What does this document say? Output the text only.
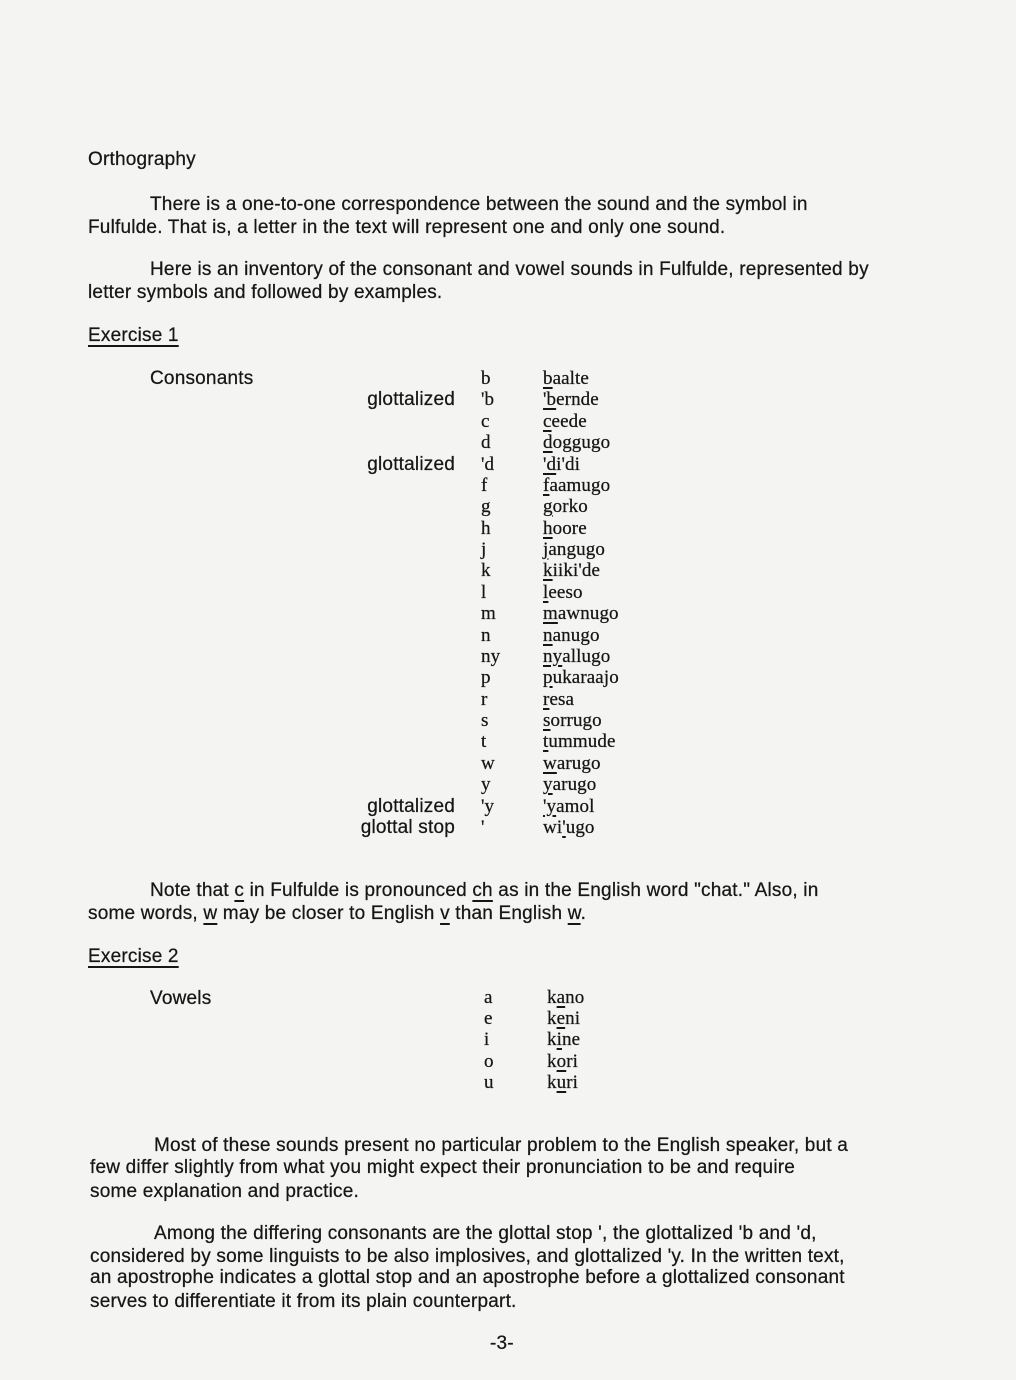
Orthography
There is a one-to-one correspondence between the sound and the symbol in
Fulfulde. That is, a letter in the text will represent one and only one sound.
Here is an inventory of the consonant and vowel sounds in Fulfulde, represented by
letter symbols and followed by examples.
Exercise 1
Consonants	b	baalte
glottalized 'b	'bernde
c	ceede
d	doggugo
glottalized 'd	'di'di
f	faamugo
g	gorko
h	hoore
j	jangugo
k	kiiki'de
l	leeso
m mawnugo
n	nanugo
ny nyallugo
p	pukaraajo
r	resa
s	sorrugo
t	tummude
w	warugo
y	yarugo
glottalized 'y	'yamol
glottal stop '	wi'ugo
Note that c in Fulfulde is pronounced ch as in the English word "chat." Also, in
some words, w may be closer to English v than English w.
Exercise 2
Vowels	a	kano
e	keni
i	kine
o	kori
u	kuri
Most of these sounds present no particular problem to the English speaker, but a
few differ slightly from what you might expect their pronunciation to be and require
some explanation and practice.
Among the differing consonants are the glottal stop ', the glottalized 'b and 'd,
considered by some linguists to be also implosives, and glottalized 'y. In the written text,
an apostrophe indicates a glottal stop and an apostrophe before a glottalized consonant
serves to differentiate it from its plain counterpart.
-3-
